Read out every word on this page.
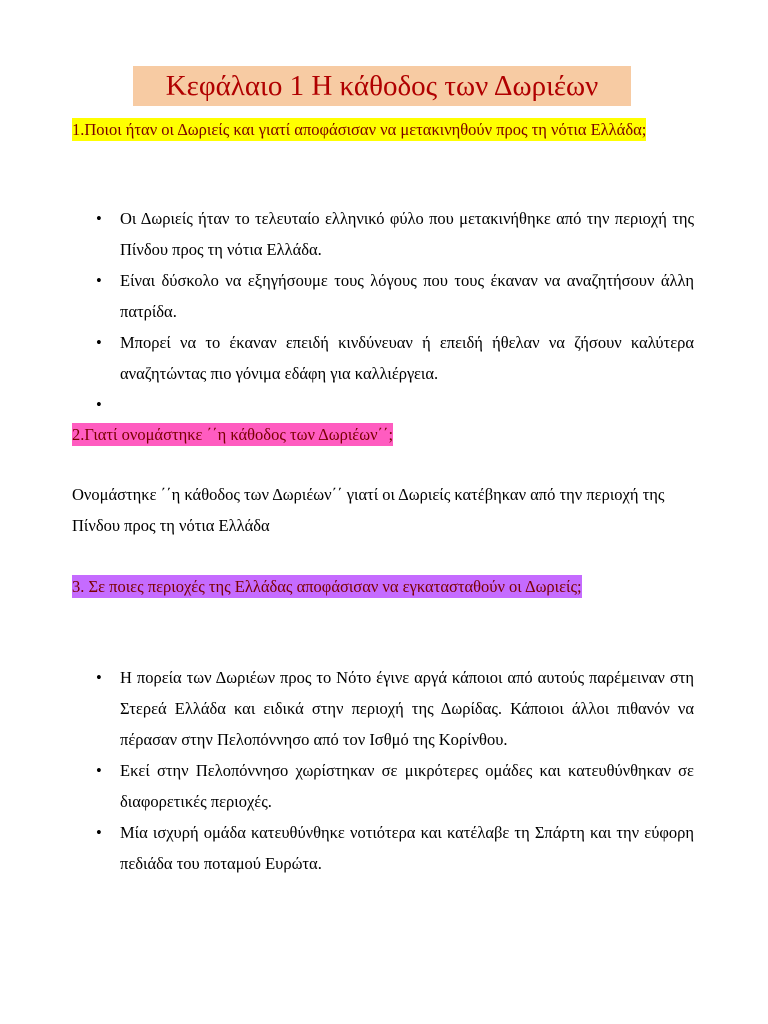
Κεφάλαιο 1 Η κάθοδος των Δωριέων
1.Ποιοι ήταν οι Δωριείς και γιατί αποφάσισαν να μετακινηθούν προς τη νότια Ελλάδα;
• Οι Δωριείς ήταν το τελευταίο ελληνικό φύλο που μετακινήθηκε από την περιοχή της Πίνδου προς τη νότια Ελλάδα.
• Είναι δύσκολο να εξηγήσουμε τους λόγους που τους έκαναν να αναζητήσουν άλλη πατρίδα.
• Μπορεί να το έκαναν επειδή κινδύνευαν ή επειδή ήθελαν να ζήσουν καλύτερα αναζητώντας πιο γόνιμα εδάφη για καλλιέργεια.
•
2.Γιατί ονομάστηκε ΄΄η κάθοδος των Δωριέων΄΄;
Ονομάστηκε ΄΄η κάθοδος των Δωριέων΄΄ γιατί οι Δωριείς κατέβηκαν από την περιοχή της Πίνδου προς τη νότια Ελλάδα
3. Σε ποιες περιοχές της Ελλάδας αποφάσισαν να εγκατασταθούν οι Δωριείς;
• Η πορεία των Δωριέων προς το Νότο έγινε αργά κάποιοι από αυτούς παρέμειναν στη Στερεά Ελλάδα και ειδικά στην περιοχή της Δωρίδας. Κάποιοι άλλοι πιθανόν να πέρασαν στην Πελοπόννησο από τον Ισθμό της Κορίνθου.
• Εκεί στην Πελοπόννησο χωρίστηκαν σε μικρότερες ομάδες και κατευθύνθηκαν σε διαφορετικές περιοχές.
• Μία ισχυρή ομάδα κατευθύνθηκε νοτιότερα και κατέλαβε τη Σπάρτη και την εύφορη πεδιάδα του ποταμού Ευρώτα.
